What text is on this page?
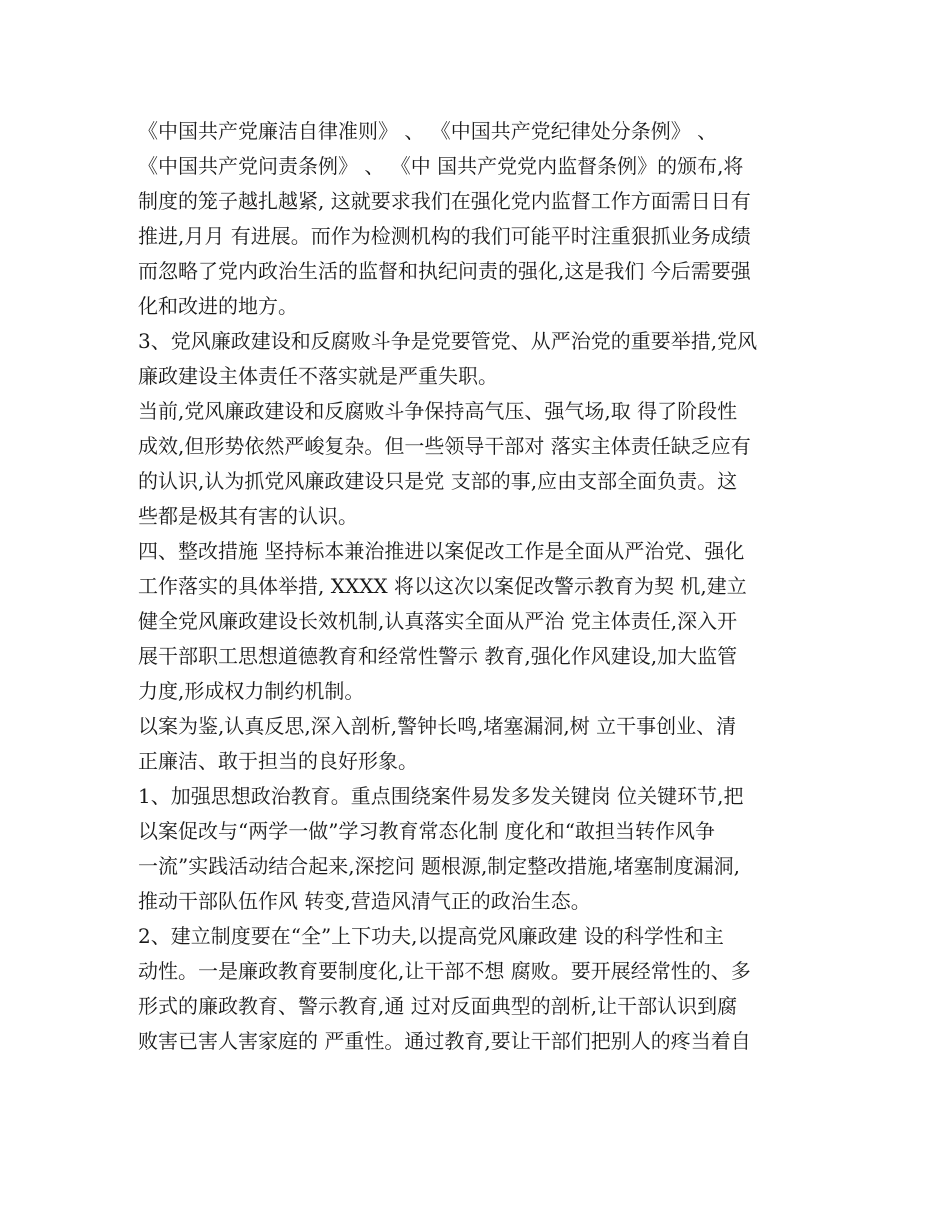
《中国共产党廉洁自律准则》 、 《中国共产党纪律处分条例》 、
《中国共产党问责条例》 、 《中 国共产党党内监督条例》的颁布,将
制度的笼子越扎越紧, 这就要求我们在强化党内监督工作方面需日日有
推进,月月 有进展。而作为检测机构的我们可能平时注重狠抓业务成绩
而忽略了党内政治生活的监督和执纪问责的强化,这是我们 今后需要强
化和改进的地方。
3、党风廉政建设和反腐败斗争是党要管党、从严治党的重要举措,党风
廉政建设主体责任不落实就是严重失职。
当前,党风廉政建设和反腐败斗争保持高气压、强气场,取 得了阶段性
成效,但形势依然严峻复杂。但一些领导干部对 落实主体责任缺乏应有
的认识,认为抓党风廉政建设只是党 支部的事,应由支部全面负责。这
些都是极其有害的认识。
四、整改措施 坚持标本兼治推进以案促改工作是全面从严治党、强化
工作落实的具体举措, XXXX 将以这次以案促改警示教育为契 机,建立
健全党风廉政建设长效机制,认真落实全面从严治 党主体责任,深入开
展干部职工思想道德教育和经常性警示 教育,强化作风建设,加大监管
力度,形成权力制约机制。
以案为鉴,认真反思,深入剖析,警钟长鸣,堵塞漏洞,树 立干事创业、清
正廉洁、敢于担当的良好形象。
1、加强思想政治教育。重点围绕案件易发多发关键岗 位关键环节,把
以案促改与“两学一做”学习教育常态化制 度化和“敢担当转作风争
一流”实践活动结合起来,深挖问 题根源,制定整改措施,堵塞制度漏洞,
推动干部队伍作风 转变,营造风清气正的政治生态。
2、建立制度要在“全”上下功夫,以提高党风廉政建 设的科学性和主
动性。一是廉政教育要制度化,让干部不想 腐败。要开展经常性的、多
形式的廉政教育、警示教育,通 过对反面典型的剖析,让干部认识到腐
败害已害人害家庭的 严重性。通过教育,要让干部们把别人的疼当着自
